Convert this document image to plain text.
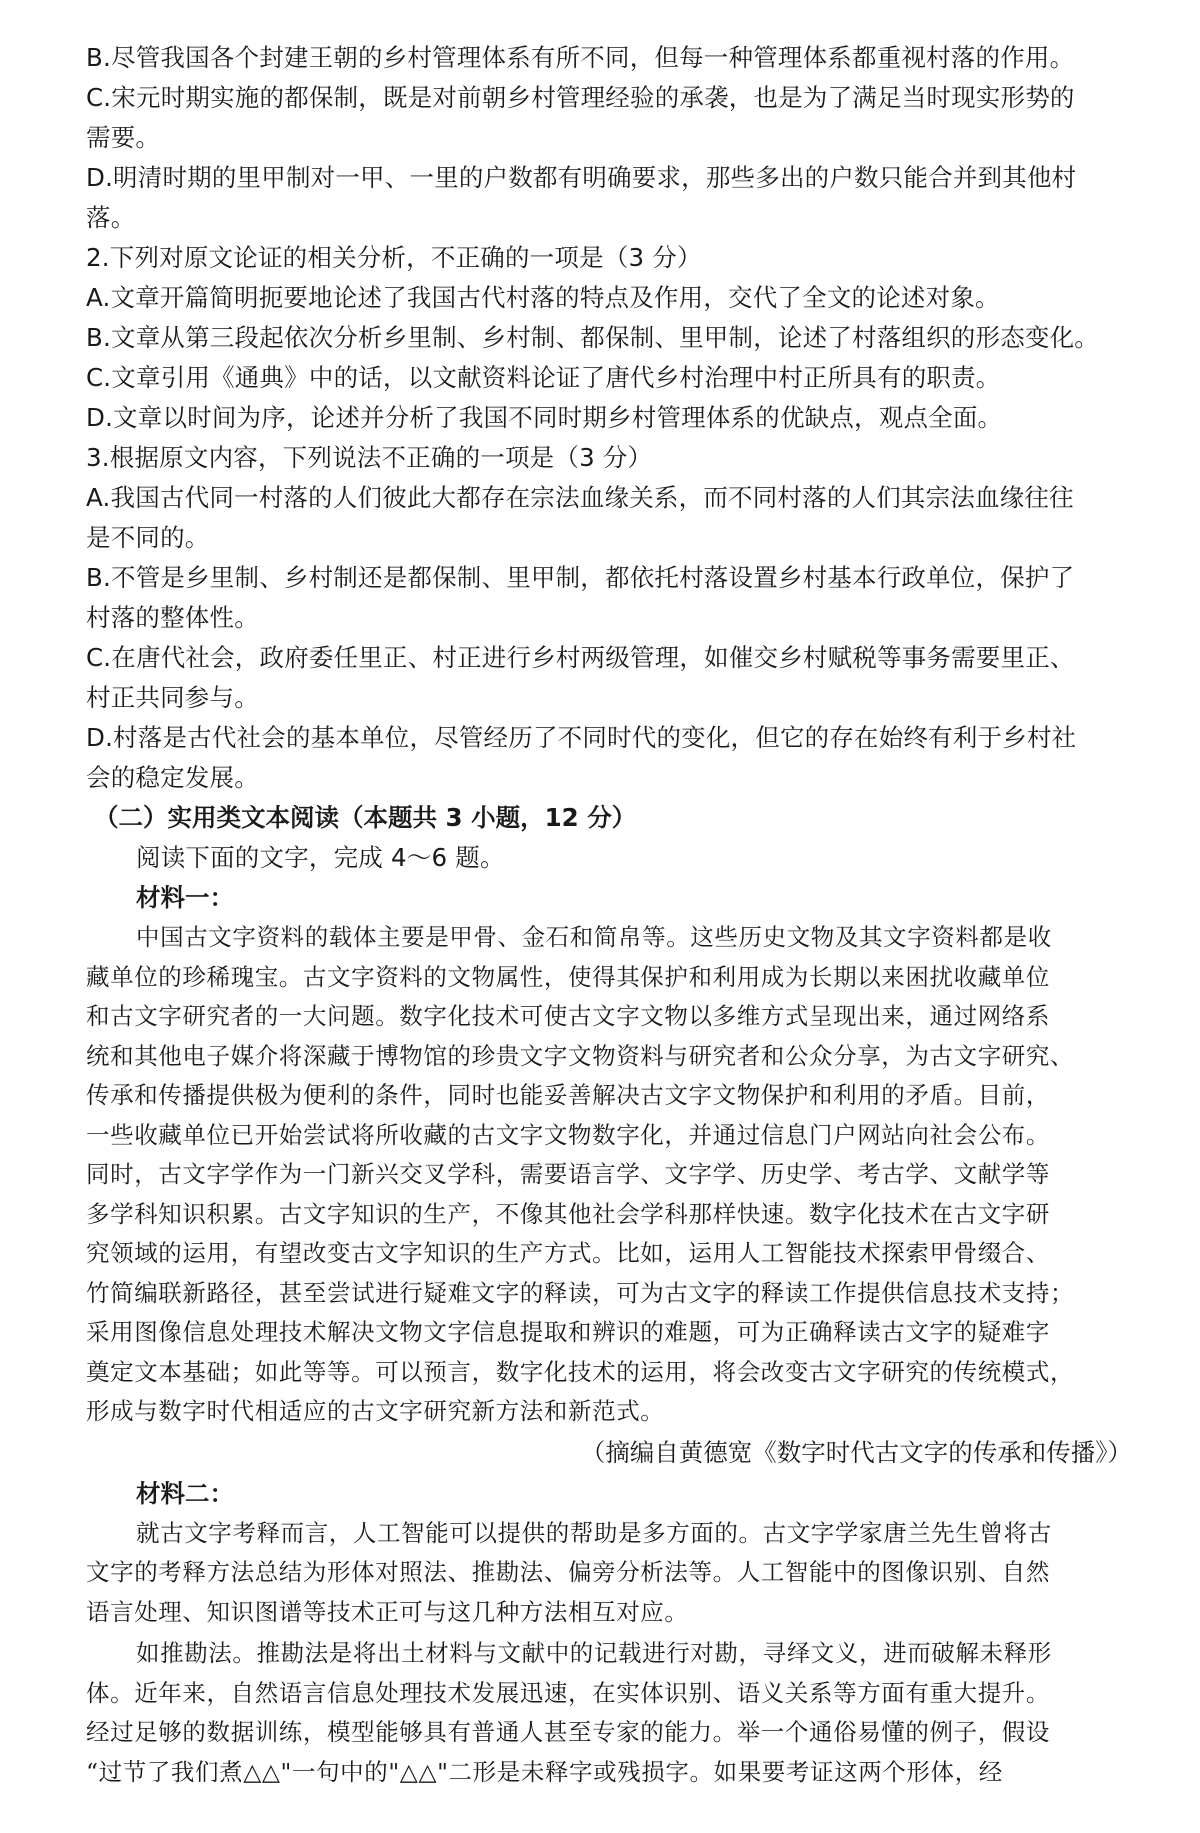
B.尽管我国各个封建王朝的乡村管理体系有所不同，但每一种管理体系都重视村落的作用。
C.宋元时期实施的都保制，既是对前朝乡村管理经验的承袭，也是为了满足当时现实形势的
需要。
D.明清时期的里甲制对一甲、一里的户数都有明确要求，那些多出的户数只能合并到其他村
落。
2.下列对原文论证的相关分析，不正确的一项是（3 分）
A.文章开篇简明扼要地论述了我国古代村落的特点及作用，交代了全文的论述对象。
B.文章从第三段起依次分析乡里制、乡村制、都保制、里甲制，论述了村落组织的形态变化。
C.文章引用《通典》中的话，以文献资料论证了唐代乡村治理中村正所具有的职责。
D.文章以时间为序，论述并分析了我国不同时期乡村管理体系的优缺点，观点全面。
3.根据原文内容，下列说法不正确的一项是（3 分）
A.我国古代同一村落的人们彼此大都存在宗法血缘关系，而不同村落的人们其宗法血缘往往
是不同的。
B.不管是乡里制、乡村制还是都保制、里甲制，都依托村落设置乡村基本行政单位，保护了
村落的整体性。
C.在唐代社会，政府委任里正、村正进行乡村两级管理，如催交乡村赋税等事务需要里正、
村正共同参与。
D.村落是古代社会的基本单位，尽管经历了不同时代的变化，但它的存在始终有利于乡村社
会的稳定发展。
（二）实用类文本阅读（本题共 3 小题，12 分）
阅读下面的文字，完成 4～6 题。
材料一：
中国古文字资料的载体主要是甲骨、金石和简帛等。这些历史文物及其文字资料都是收
藏单位的珍稀瑰宝。古文字资料的文物属性，使得其保护和利用成为长期以来困扰收藏单位
和古文字研究者的一大问题。数字化技术可使古文字文物以多维方式呈现出来，通过网络系
统和其他电子媒介将深藏于博物馆的珍贵文字文物资料与研究者和公众分享，为古文字研究、
传承和传播提供极为便利的条件，同时也能妥善解决古文字文物保护和利用的矛盾。目前，
一些收藏单位已开始尝试将所收藏的古文字文物数字化，并通过信息门户网站向社会公布。
同时，古文字学作为一门新兴交叉学科，需要语言学、文字学、历史学、考古学、文献学等
多学科知识积累。古文字知识的生产，不像其他社会学科那样快速。数字化技术在古文字研
究领域的运用，有望改变古文字知识的生产方式。比如，运用人工智能技术探索甲骨缀合、
竹简编联新路径，甚至尝试进行疑难文字的释读，可为古文字的释读工作提供信息技术支持；
采用图像信息处理技术解决文物文字信息提取和辨识的难题，可为正确释读古文字的疑难字
奠定文本基础；如此等等。可以预言，数字化技术的运用，将会改变古文字研究的传统模式，
形成与数字时代相适应的古文字研究新方法和新范式。
（摘编自黄德宽《数字时代古文字的传承和传播》）
材料二：
就古文字考释而言，人工智能可以提供的帮助是多方面的。古文字学家唐兰先生曾将古
文字的考释方法总结为形体对照法、推勘法、偏旁分析法等。人工智能中的图像识别、自然
语言处理、知识图谱等技术正可与这几种方法相互对应。
如推勘法。推勘法是将出土材料与文献中的记载进行对勘，寻绎文义，进而破解未释形
体。近年来，自然语言信息处理技术发展迅速，在实体识别、语义关系等方面有重大提升。
经过足够的数据训练，模型能够具有普通人甚至专家的能力。举一个通俗易懂的例子，假设
“过节了我们煮△△"一句中的"△△"二形是未释字或残损字。如果要考证这两个形体，经
